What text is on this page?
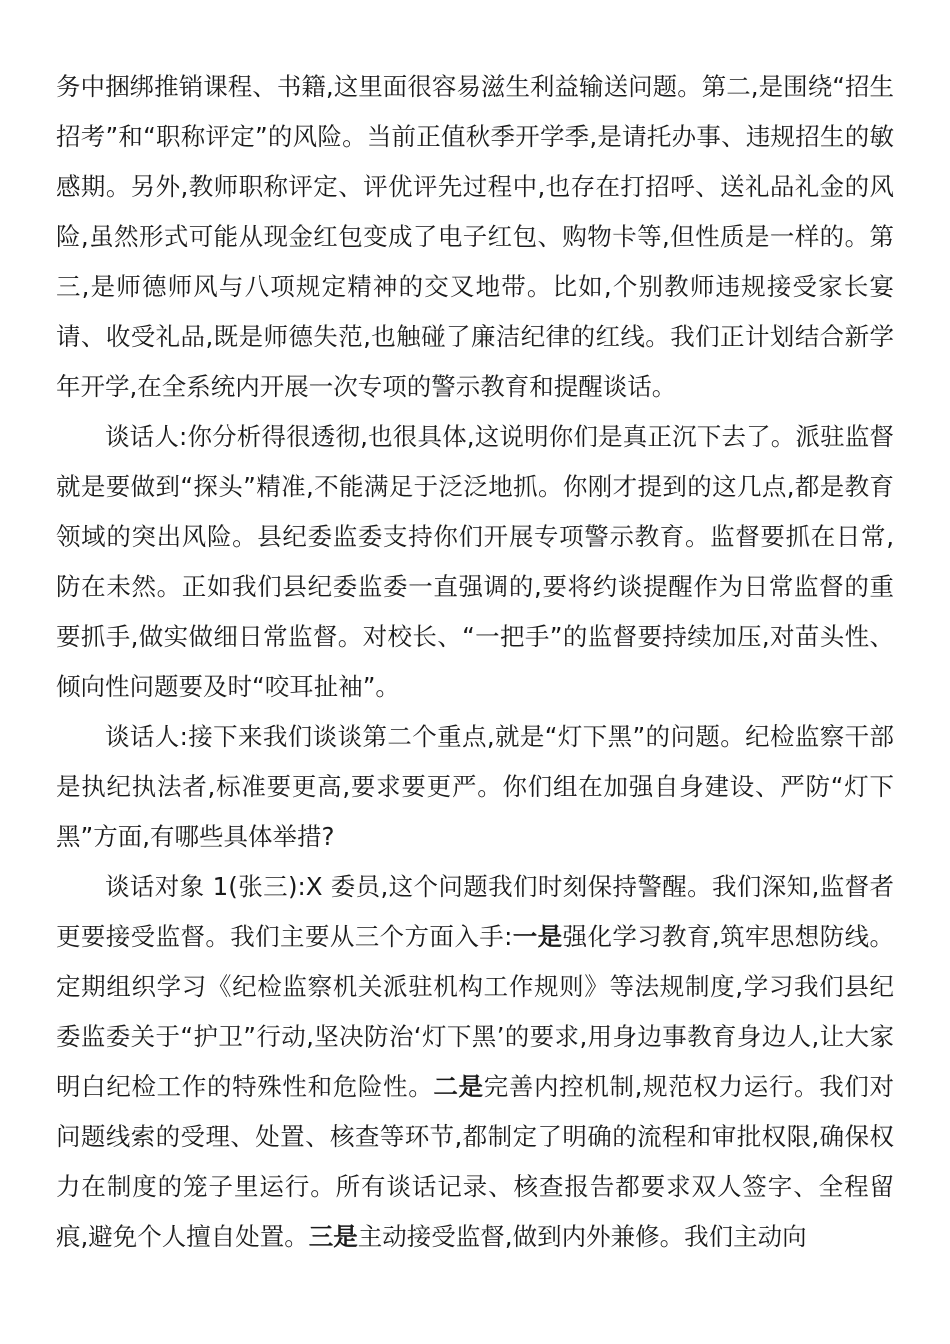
务中捆绑推销课程、书籍,这里面很容易滋生利益输送问题。第二,是围绕“招生招考”和“职称评定”的风险。当前正值秋季开学季,是请托办事、违规招生的敏感期。另外,教师职称评定、评优评先过程中,也存在打招呼、送礼品礼金的风险,虽然形式可能从现金红包变成了电子红包、购物卡等,但性质是一样的。第三,是师德师风与八项规定精神的交叉地带。比如,个别教师违规接受家长宴请、收受礼品,既是师德失范,也触碰了廉洁纪律的红线。我们正计划结合新学年开学,在全系统内开展一次专项的警示教育和提醒谈话。

谈话人:你分析得很透彻,也很具体,这说明你们是真正沉下去了。派驻监督就是要做到“探头”精准,不能满足于泛泛地抓。你刚才提到的这几点,都是教育领域的突出风险。县纪委监委支持你们开展专项警示教育。监督要抓在日常,防在未然。正如我们县纪委监委一直强调的,要将约谈提醒作为日常监督的重要抓手,做实做细日常监督。对校长、“一把手”的监督要持续加压,对苗头性、倾向性问题要及时“咬耳扯袖”。

谈话人:接下来我们谈谈第二个重点,就是“灯下黑”的问题。纪检监察干部是执纪执法者,标准要更高,要求要更严。你们组在加强自身建设、严防“灯下黑”方面,有哪些具体举措?

谈话对象 1(张三):X 委员,这个问题我们时刻保持警醒。我们深知,监督者更要接受监督。我们主要从三个方面入手:一是强化学习教育,筑牢思想防线。定期组织学习《纪检监察机关派驻机构工作规则》等法规制度,学习我们县纪委监委关于“护卫”行动,坚决防治‘灯下黑’的要求,用身边事教育身边人,让大家明白纪检工作的特殊性和危险性。二是完善内控机制,规范权力运行。我们对问题线索的受理、处置、核查等环节,都制定了明确的流程和审批权限,确保权力在制度的笼子里运行。所有谈话记录、核查报告都要求双人签字、全程留痕,避免个人擅自处置。三是主动接受监督,做到内外兼修。我们主动向
